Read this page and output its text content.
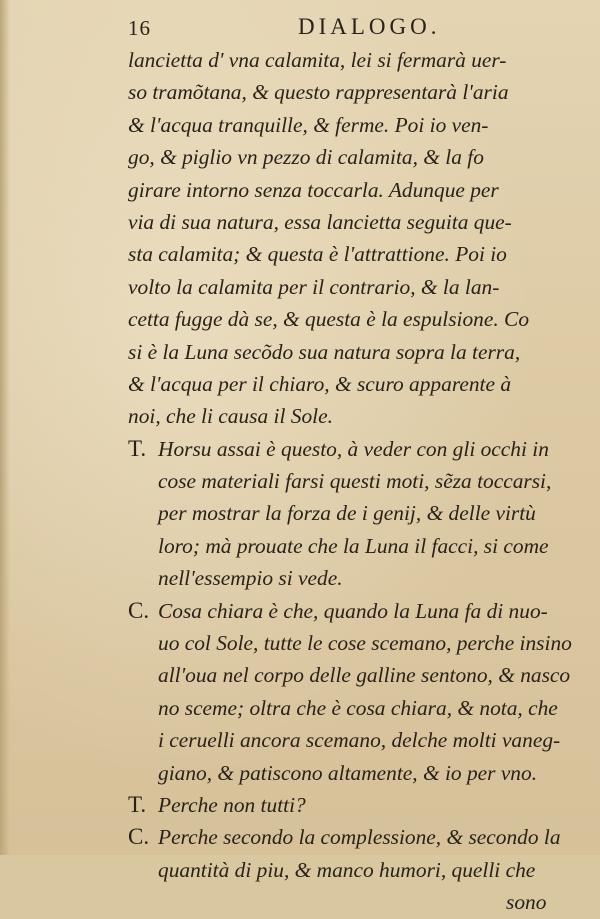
16	DIALOGO.
lancietta d' vna calamita, lei si fermarà uer-
so tramõtana, & questo rappresentarà l'aria
& l'acqua tranquille, & ferme. Poi io ven-
go, & piglio vn pezzo di calamita, & la fo
girare intorno senza toccarla. Adunque per
via di sua natura, essa lancietta seguita que-
sta calamita; & questa è l'attrattione. Poi io
volto la calamita per il contrario, & la lan-
cetta fugge dà se, & questa è la espulsione. Co
si è la Luna secõdo sua natura sopra la terra,
& l'acqua per il chiaro, & scuro apparente à
noi, che li causa il Sole.
T. Horsu assai è questo, à veder con gli occhi in
cose materiali farsi questi moti, sẽza toccarsi,
per mostrar la forza de i genij, & delle virtù
loro; mà prouate che la Luna il facci, si come
nell'essempio si vede.
C. Cosa chiara è che, quando la Luna fa di nuo-
uo col Sole, tutte le cose scemano, perche insino
all'oua nel corpo delle galline sentono, & nasco
no sceme; oltra che è cosa chiara, & nota, che
i ceruelli ancora scemano, delche molti vaneg-
giano, & patiscono altamente, & io per vno.
T. Perche non tutti?
C. Perche secondo la complessione, & secondo la
quantità di piu, & manco humori, quelli che
sono
